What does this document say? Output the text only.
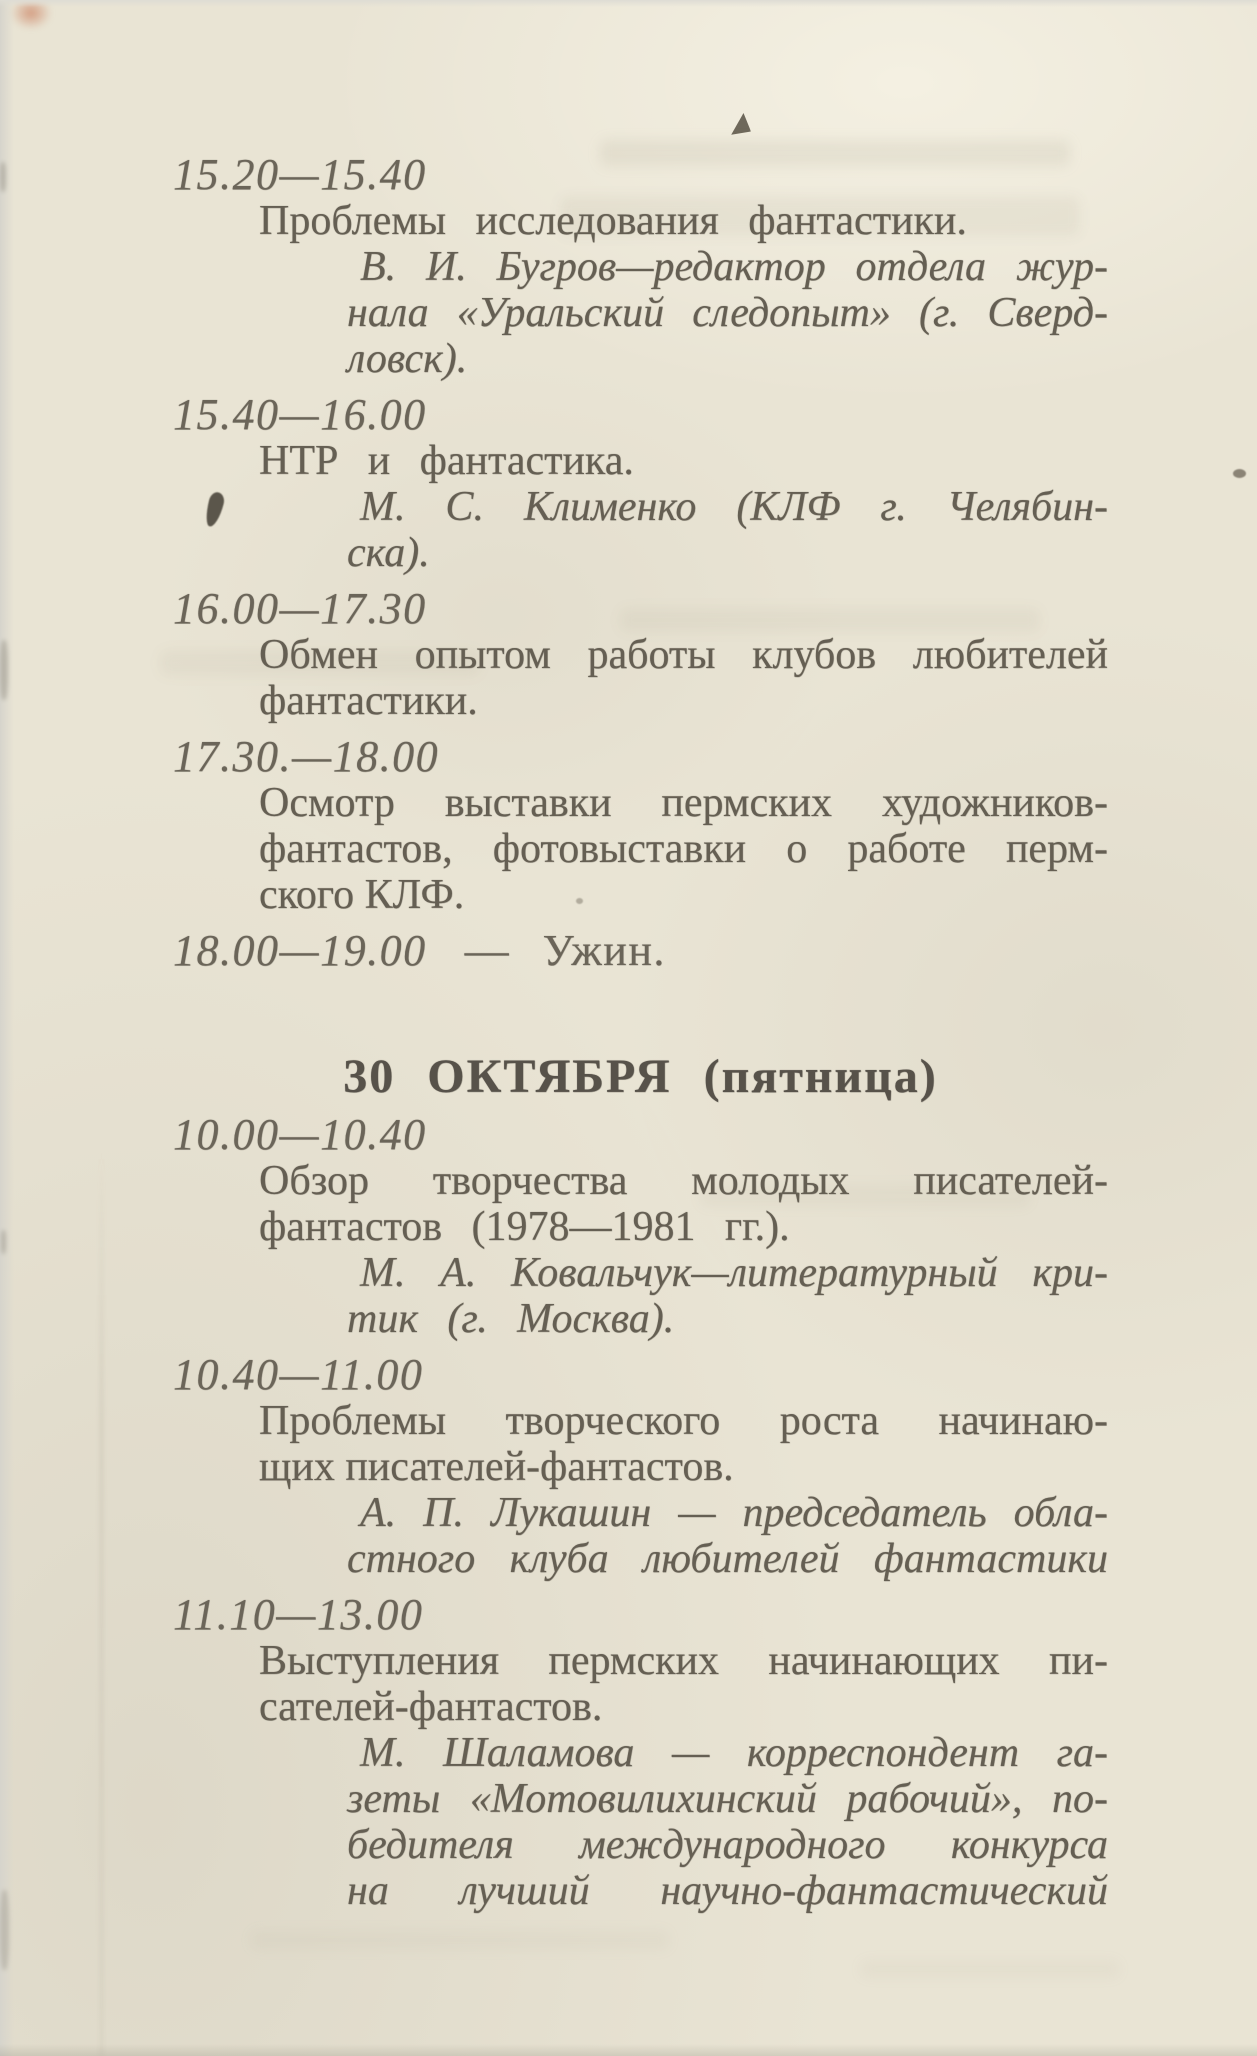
15.20—15.40
Проблемы исследования фантастики.
В. И. Бугров—редактор отдела жур-
нала «Уральский следопыт» (г. Сверд-
ловск).
15.40—16.00
НТР и фантастика.
М. С. Клименко (КЛФ г. Челябин-
ска).
16.00—17.30
Обмен опытом работы клубов любителей
фантастики.
17.30.—18.00
Осмотр выставки пермских художников-
фантастов, фотовыставки о работе перм-
ского КЛФ.
18.00—19.00 — Ужин.
30 ОКТЯБРЯ (пятница)
10.00—10.40
Обзор творчества молодых писателей-
фантастов (1978—1981 гг.).
М. А. Ковальчук—литературный кри-
тик (г. Москва).
10.40—11.00
Проблемы творческого роста начинаю-
щих писателей-фантастов.
А. П. Лукашин — председатель обла-
стного клуба любителей фантастики
11.10—13.00
Выступления пермских начинающих пи-
сателей-фантастов.
М. Шаламова — корреспондент га-
зеты «Мотовилихинский рабочий», по-
бедителя международного конкурса
на лучший научно-фантастический
